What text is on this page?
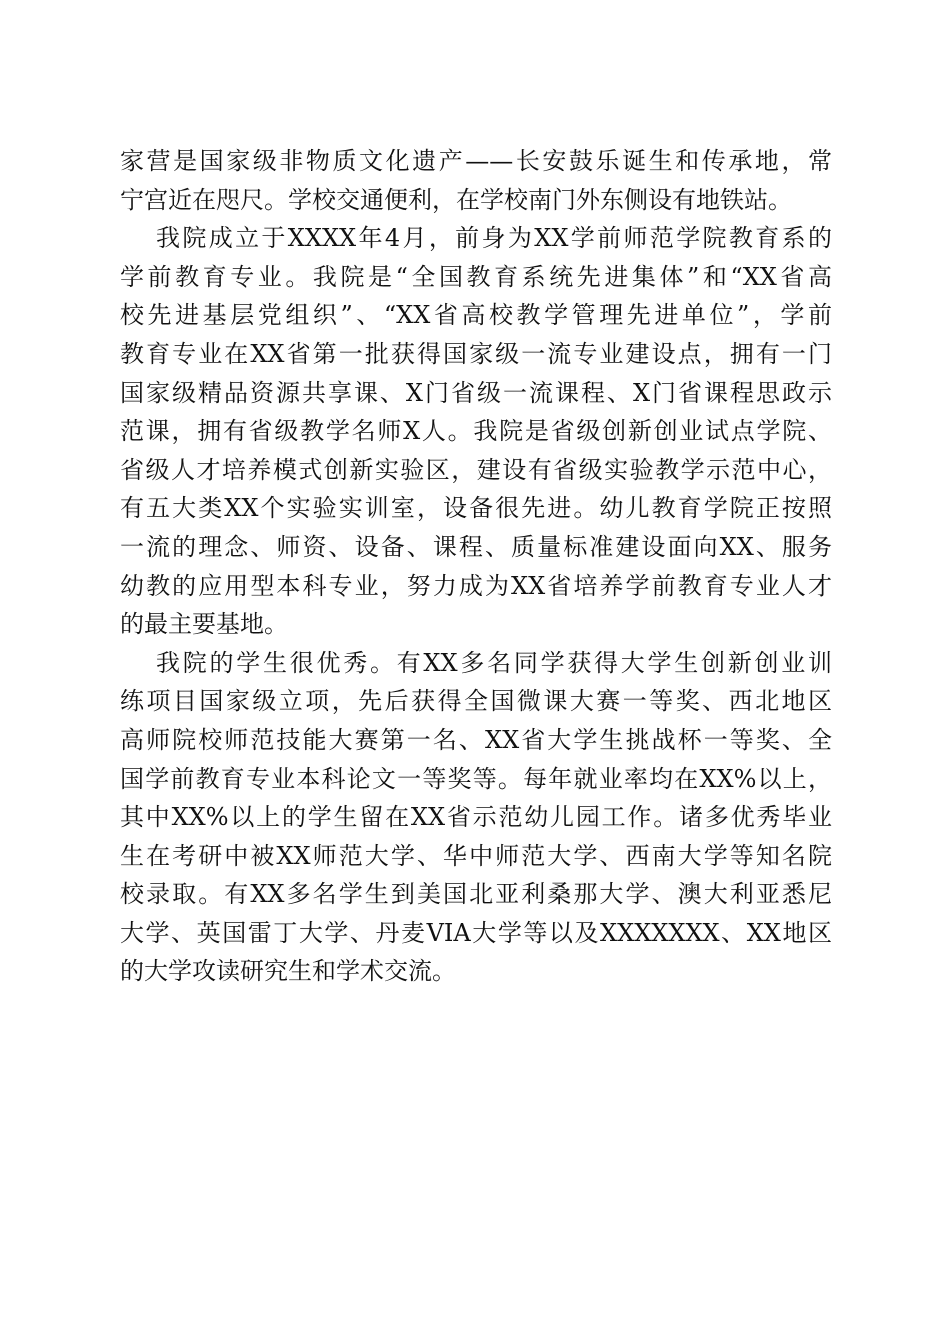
家营是国家级非物质文化遗产——长安鼓乐诞生和传承地，常
宁宫近在咫尺。学校交通便利，在学校南门外东侧设有地铁站。
我院成立于XXXX年4月，前身为XX学前师范学院教育系的
学前教育专业。我院是“全国教育系统先进集体”和“XX省高
校先进基层党组织”、“XX省高校教学管理先进单位”，学前
教育专业在XX省第一批获得国家级一流专业建设点，拥有一门
国家级精品资源共享课、X门省级一流课程、X门省课程思政示
范课，拥有省级教学名师X人。我院是省级创新创业试点学院、
省级人才培养模式创新实验区，建设有省级实验教学示范中心，
有五大类XX个实验实训室，设备很先进。幼儿教育学院正按照
一流的理念、师资、设备、课程、质量标准建设面向XX、服务
幼教的应用型本科专业，努力成为XX省培养学前教育专业人才
的最主要基地。
我院的学生很优秀。有XX多名同学获得大学生创新创业训
练项目国家级立项，先后获得全国微课大赛一等奖、西北地区
高师院校师范技能大赛第一名、XX省大学生挑战杯一等奖、全
国学前教育专业本科论文一等奖等。每年就业率均在XX%以上，
其中XX%以上的学生留在XX省示范幼儿园工作。诸多优秀毕业
生在考研中被XX师范大学、华中师范大学、西南大学等知名院
校录取。有XX多名学生到美国北亚利桑那大学、澳大利亚悉尼
大学、英国雷丁大学、丹麦VIA大学等以及XXXXXXX、XX地区
的大学攻读研究生和学术交流。
